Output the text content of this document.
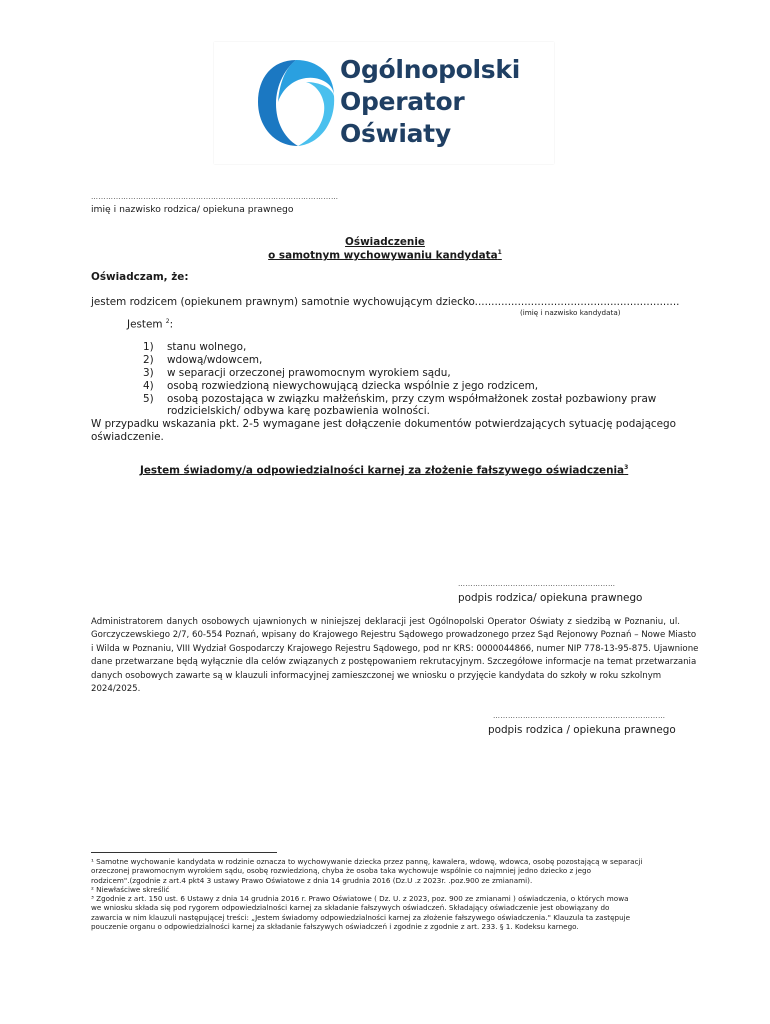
Ogólnopolski
Operator
Oświaty
………………………………………………………………………………………
imię i nazwisko rodzica/ opiekuna prawnego
Oświadczenie
o samotnym wychowywaniu kandydata$^1$
Oświadczam, że:
jestem rodzicem (opiekunem prawnym) samotnie wychowującym dziecko..............................................................
(imię i nazwisko kandydata)
Jestem $^2$:
1)	stanu wolnego,
2)	wdową/wdowcem,
3)	w separacji orzeczonej prawomocnym wyrokiem sądu,
4)	osobą rozwiedzioną niewychowującą dziecka wspólnie z jego rodzicem,
5)	osobą pozostająca w związku małżeńskim, przy czym współmałżonek został pozbawiony praw
rodzicielskich/ odbywa karę pozbawienia wolności.
W przypadku wskazania pkt. 2-5 wymagane jest dołączenie dokumentów potwierdzających sytuację podającego
oświadczenie.
Jestem świadomy/a odpowiedzialności karnej za złożenie fałszywego oświadczenia$^3$
………………………………………………………
podpis rodzica/ opiekuna prawnego
Administratorem danych osobowych ujawnionych w niniejszej deklaracji jest Ogólnopolski Operator Oświaty z siedzibą w Poznaniu, ul.
Gorczyczewskiego 2/7, 60-554 Poznań, wpisany do Krajowego Rejestru Sądowego prowadzonego przez Sąd Rejonowy Poznań – Nowe Miasto
i Wilda w Poznaniu, VIII Wydział Gospodarczy Krajowego Rejestru Sądowego, pod nr KRS: 0000044866, numer NIP 778-13-95-875. Ujawnione
dane przetwarzane będą wyłącznie dla celów związanych z postępowaniem rekrutacyjnym. Szczegółowe informacje na temat przetwarzania
danych osobowych zawarte są w klauzuli informacyjnej zamieszczonej we wniosku o przyjęcie kandydata do szkoły w roku szkolnym
2024/2025.
……………………………………………………………
podpis rodzica / opiekuna prawnego
¹ Samotne wychowanie kandydata w rodzinie oznacza to wychowywanie dziecka przez pannę, kawalera, wdowę, wdowca, osobę pozostającą w separacji
orzeczonej prawomocnym wyrokiem sądu, osobę rozwiedzioną, chyba że osoba taka wychowuje wspólnie co najmniej jedno dziecko z jego
rodzicem".(zgodnie z art.4 pkt4 3 ustawy Prawo Oświatowe z dnia 14 grudnia 2016 (Dz.U .z 2023r. .poz.900 ze zmianami).
² Niewłaściwe skreślić
³ Zgodnie z art. 150 ust. 6 Ustawy z dnia 14 grudnia 2016 r. Prawo Oświatowe ( Dz. U. z 2023, poz. 900 ze zmianami ) oświadczenia, o których mowa
we wniosku składa się pod rygorem odpowiedzialności karnej za składanie fałszywych oświadczeń. Składający oświadczenie jest obowiązany do
zawarcia w nim klauzuli następującej treści: „Jestem świadomy odpowiedzialności karnej za złożenie fałszywego oświadczenia." Klauzula ta zastępuje
pouczenie organu o odpowiedzialności karnej za składanie fałszywych oświadczeń i zgodnie z zgodnie z art. 233. § 1. Kodeksu karnego.
